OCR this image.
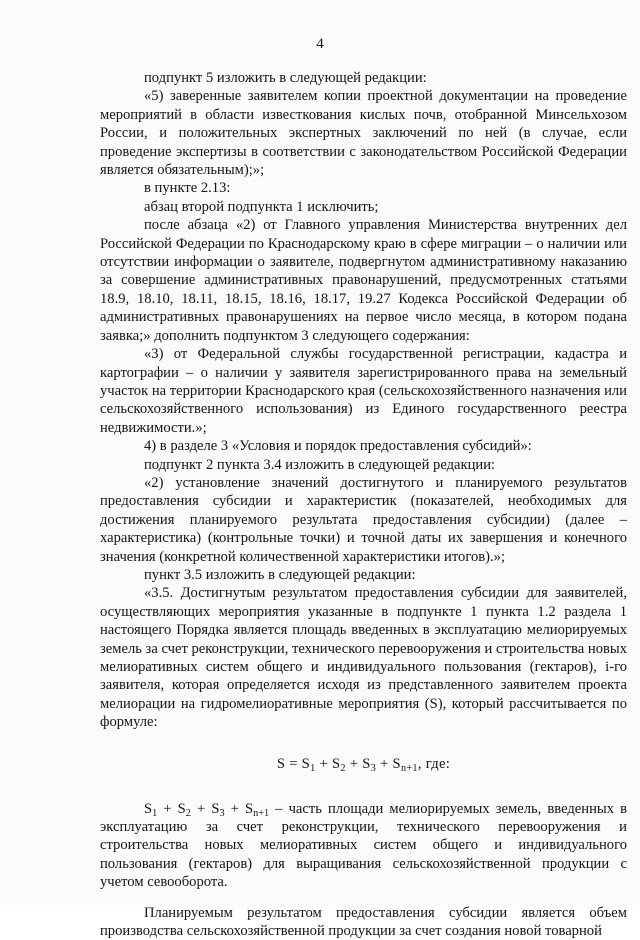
4

подпункт 5 изложить в следующей редакции:

«5) заверенные заявителем копии проектной документации на проведение мероприятий в области известкования кислых почв, отобранной Минсельхозом России, и положительных экспертных заключений по ней (в случае, если проведение экспертизы в соответствии с законодательством Российской Федерации является обязательным);»;

в пункте 2.13:

абзац второй подпункта 1 исключить;

после абзаца «2) от Главного управления Министерства внутренних дел Российской Федерации по Краснодарскому краю в сфере миграции – о наличии или отсутствии информации о заявителе, подвергнутом административному наказанию за совершение административных правонарушений, предусмотренных статьями 18.9, 18.10, 18.11, 18.15, 18.16, 18.17, 19.27 Кодекса Российской Федерации об административных правонарушениях на первое число месяца, в котором подана заявка;» дополнить подпунктом 3 следующего содержания:

«3) от Федеральной службы государственной регистрации, кадастра и картографии – о наличии у заявителя зарегистрированного права на земельный участок на территории Краснодарского края (сельскохозяйственного назначения или сельскохозяйственного использования) из Единого государственного реестра недвижимости.»;

4) в разделе 3 «Условия и порядок предоставления субсидий»:

подпункт 2 пункта 3.4 изложить в следующей редакции:

«2) установление значений достигнутого и планируемого результатов предоставления субсидии и характеристик (показателей, необходимых для достижения планируемого результата предоставления субсидии) (далее – характеристика) (контрольные точки) и точной даты их завершения и конечного значения (конкретной количественной характеристики итогов).»;

пункт 3.5 изложить в следующей редакции:

«3.5. Достигнутым результатом предоставления субсидии для заявителей, осуществляющих мероприятия указанные в подпункте 1 пункта 1.2 раздела 1 настоящего Порядка является площадь введенных в эксплуатацию мелиорируемых земель за счет реконструкции, технического перевооружения и строительства новых мелиоративных систем общего и индивидуального пользования (гектаров), i-го заявителя, которая определяется исходя из представленного заявителем проекта мелиорации на гидромелиоративные мероприятия (S), который рассчитывается по формуле:

$S = S_1 + S_2 + S_3 + S_{n+1}$, где:

$S_1 + S_2 + S_3 + S_{n+1}$ – часть площади мелиорируемых земель, введенных в эксплуатацию за счет реконструкции, технического перевооружения и строительства новых мелиоративных систем общего и индивидуального пользования (гектаров) для выращивания сельскохозяйственной продукции с учетом севооборота.

Планируемым результатом предоставления субсидии является объем производства сельскохозяйственной продукции за счет создания новой товарной
